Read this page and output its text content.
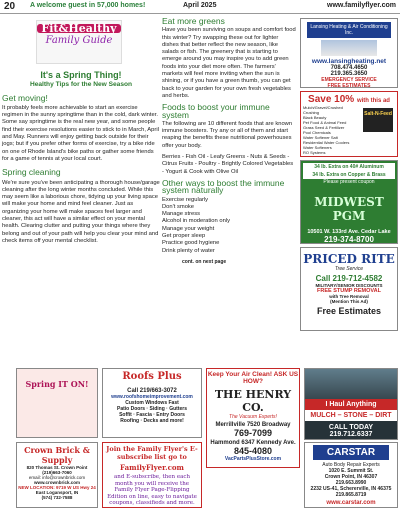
20 A welcome guest in 57,000 homes!	April 2025	www.familyflyer.com
Fit&Healthy
Family Guide
It's a Spring Thing!
Healthy Tips for the New Season
Get moving!
It probably feels more achievable to start an exercise regimen in the sunny springtime than in the cold, dark winter. Some say springtime is the real new year, and some people find their exercise resolutions easier to stick to in March, April and May. Runners will enjoy getting back outside for their jogs; but if you prefer other forms of exercise, try a bike ride on one of Rhode Island's bike paths or gather some friends for a game of tennis at your local court.
Spring cleaning
We're sure you've been anticipating a thorough house/garage cleaning after the long winter months concluded. While this may seem like a laborious chore, tidying up your living space will make your home and mind feel cleaner. Just as organizing your home will make spaces feel larger and cleaner, this act will have a similar effect on your mental health. Clearing clutter and putting your things where they belong and out of your path will help you clear your mind and check items off your mental checklist.
Eat more greens
Have you been surviving on soups and comfort food this winter? Try swapping these out for lighter dishes that better reflect the new season, like salads or fish. The greenery that is starting to emerge around you may inspire you to add green foods into your diet more often. The farmers' markets will feel more inviting when the sun is shining, or if you have a green thumb, you can get back to your garden for your own fresh vegetables and herbs.
Foods to boost your immune system
The following are 10 different foods that are known immune boosters. Try any or all of them and start reaping the benefits these nutritional powerhouses offer your body.
Berries - Fish Oil - Leafy Greens - Nuts & Seeds - Citrus Fruits - Poultry - Brightly Colored Vegetables - Yogurt & Cook with Olive Oil
Other ways to boost the immune system naturally
Exercise regularly
Don't smoke
Manage stress
Alcohol in moderation only
Manage your weight
Get proper sleep
Practice good hygiene
Drink plenty of water
cont. on next page
Lansing Heating & Air Conditioning Inc.
www.lansingheating.net
708.474.4650
219.365.3650
EMERGENCY SERVICE
FREE ESTIMATES
Save 10% with this ad
Mulch/Gravel/Crushed Crushing
Black Beauty
Pet Food & Animal Feed
Grass Seed & Fertilizer
Pool Chemicals
Water Softener Salt
Residential Water Coolers
Water Softeners
RO Systems
Salt-N-Feed
34 lb. Extra on 40# Aluminum
34 lb. Extra on Copper & Brass
Please present coupon
MIDWEST PGM
10501 W. 133rd Ave. Cedar Lake
219-374-8700
PRICED RITE
Tree Service
Call 219-712-4582
MILITARY/SENIOR DISCOUNTS
FREE STUMP REMOVAL
with Tree Removal
(Mention This Ad)
Free Estimates
Spring IT ON!
Roofs Plus
Call 219/663-3072
www.roofshomeimprovement.com
Custom Windows Fast
Patio Doors · Siding · Gutters
Soffit · Fascia · Entry Doors
Roofing · Decks and more!
Keep Your Air Clean! ASK US HOW?
THE HENRY CO.
The Vacuum Experts!
Merrillville 7520 Broadway
769-7099
Hammond 6347 Kennedy Ave.
845-4080
VacPartsPlusStore.com
I Haul Anything
MULCH – STONE – DIRT
CALL TODAY 219.712.6337
Crown Brick & Supply
820 Thomas St. Crown Point
(219)663-7060
email: info@crownbrick.com
www.crownbrick.com
NEW LOCATION: 9719 W US Hwy 24
East Logansport, IN
(574) 732-7588
Join the Family Flyer's E-subscribe list go to
FamilyFlyer.com
and E-subscribe, then each month you will receive the Family Flyer Page-Flipping Edition on line, easy to navigate coupons, classifieds and more.
CARSTAR
Auto Body Repair Experts
1020 E. Summit St.
Crown Point, IN 46307
219.663.8990
2232 US-41, Schererville, IN 46375
219.865.8719
www.carstar.com
